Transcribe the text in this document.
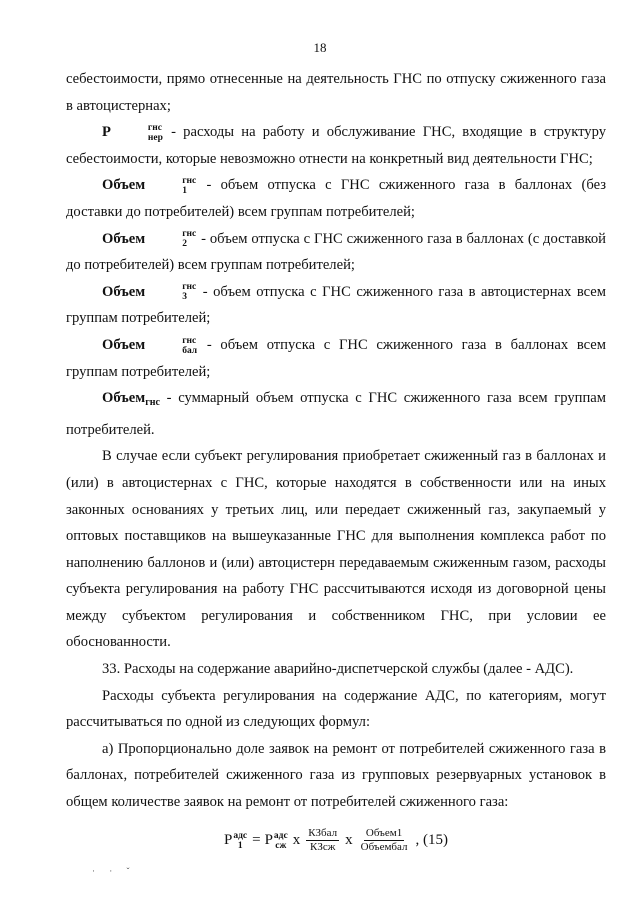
18

себестоимости, прямо отнесенные на деятельность ГНС по отпуску сжиженного газа в автоцистернах;

Р	гнс
нер - расходы на работу и обслуживание ГНС, входящие в структуру себестоимости, которые невозможно отнести на конкретный вид деятельности ГНС;

Объем	гнс
1 - объем отпуска с ГНС сжиженного газа в баллонах (без доставки до потребителей) всем группам потребителей;

Объем	гнс
2 - объем отпуска с ГНС сжиженного газа в баллонах (с доставкой до потребителей) всем группам потребителей;

Объем	гнс
3 - объем отпуска с ГНС сжиженного газа в автоцистернах всем группам потребителей;

Объем	гнс
бал - объем отпуска с ГНС сжиженного газа в баллонах всем группам потребителей;

Объем$_{гнс}$ - суммарный объем отпуска с ГНС сжиженного газа всем группам потребителей.

В случае если субъект регулирования приобретает сжиженный газ в баллонах и (или) в автоцистернах с ГНС, которые находятся в собственности или на иных законных основаниях у третьих лиц, или передает сжиженный газ, закупаемый у оптовых поставщиков на вышеуказанные ГНС для выполнения комплекса работ по наполнению баллонов и (или) автоцистерн передаваемым сжиженным газом, расходы субъекта регулирования на работу ГНС рассчитываются исходя из договорной цены между субъектом регулирования и собственником ГНС, при условии ее обоснованности.

33. Расходы на содержание аварийно-диспетчерской службы (далее - АДС).

Расходы субъекта регулирования на содержание АДС, по категориям, могут рассчитываться по одной из следующих формул:

а) Пропорционально доле заявок на ремонт от потребителей сжиженного газа в баллонах, потребителей сжиженного газа из групповых резервуарных установок в общем количестве заявок на ремонт от потребителей сжиженного газа:

Р адс
1 = Р адс
сж x $\frac{\text{КЗбал}}{\text{КЗсж}}$ x $\frac{\text{Объем1}}{\text{Объембал}}$ , (15)
· · ˇ
